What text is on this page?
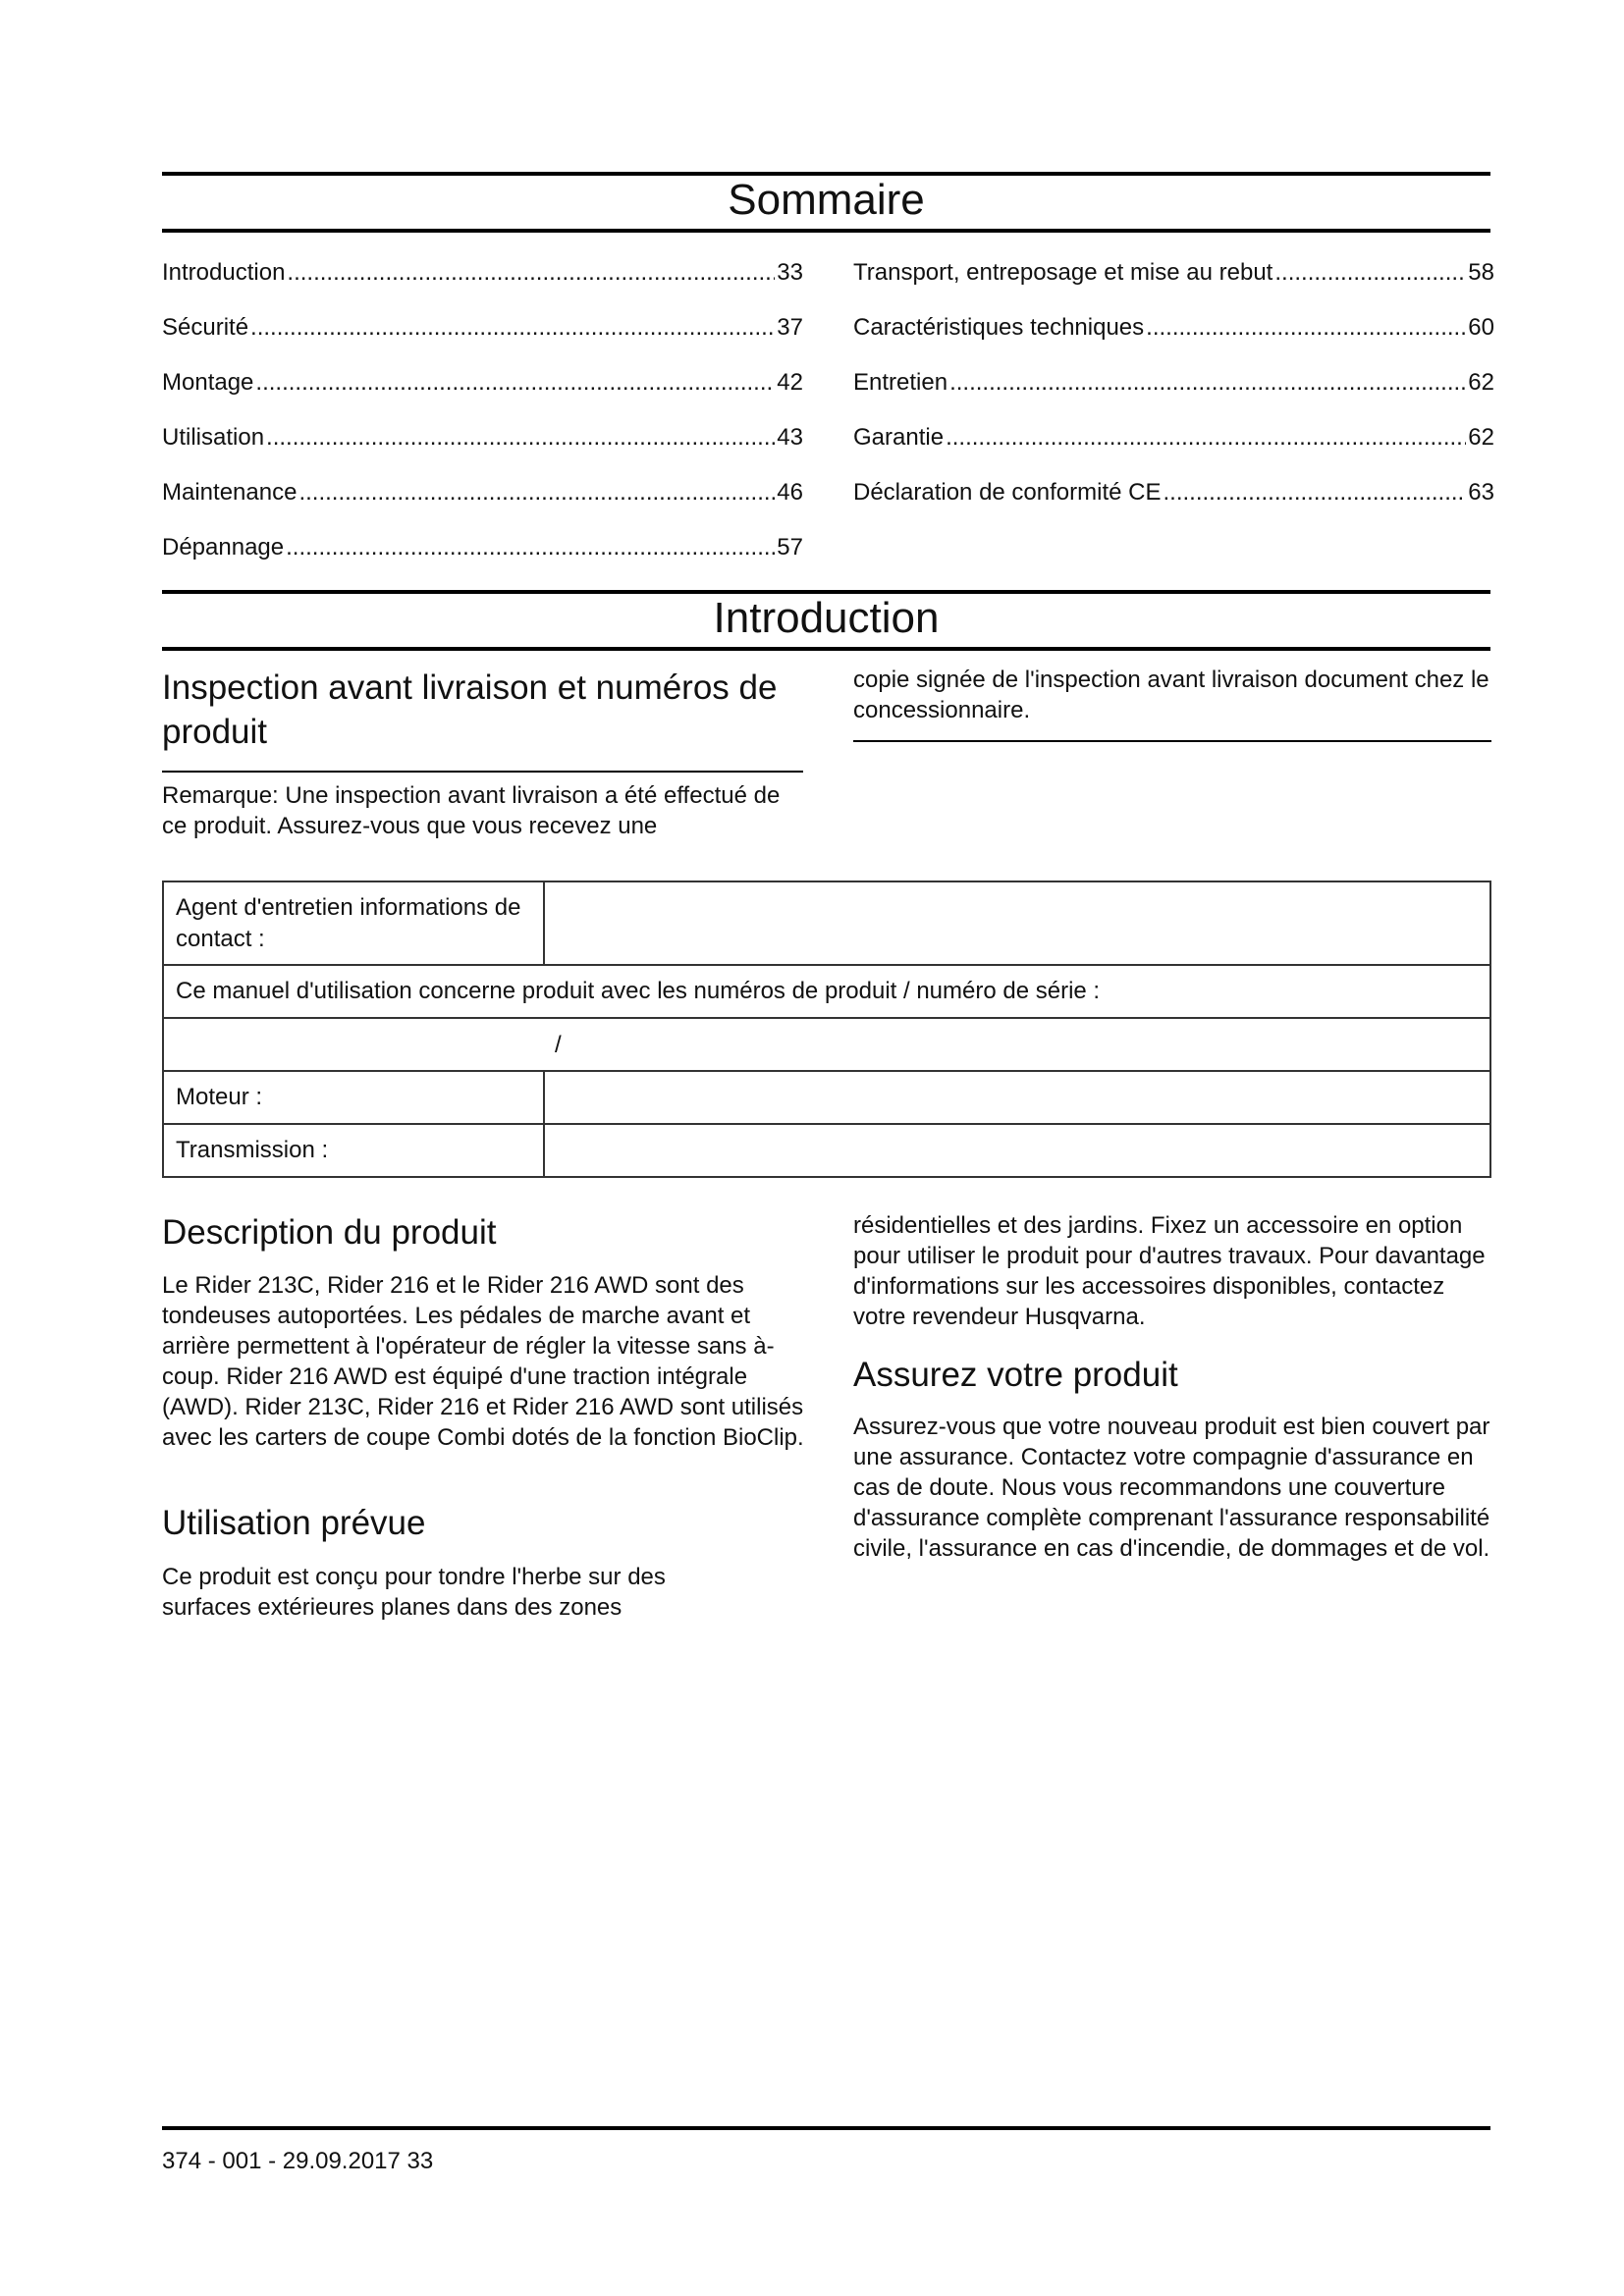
Sommaire
Introduction .....	33
Sécurité .....	37
Montage .....	42
Utilisation .....	43
Maintenance .....	46
Dépannage .....	57
Transport, entreposage et mise au rebut .....	58
Caractéristiques techniques .....	60
Entretien .....	62
Garantie .....	62
Déclaration de conformité CE .....	63
Introduction
Inspection avant livraison et numéros de produit
Remarque: Une inspection avant livraison a été effectué de ce produit. Assurez-vous que vous recevez une
copie signée de l'inspection avant livraison document chez le concessionnaire.
Agent d'entretien informations de contact :	
Ce manuel d'utilisation concerne produit avec les numéros de produit / numéro de série :	

/	

Moteur :	
Transmission :	
Description du produit
Le Rider 213C, Rider 216 et le Rider 216 AWD sont des tondeuses autoportées. Les pédales de marche avant et arrière permettent à l'opérateur de régler la vitesse sans à-coup. Rider 216 AWD est équipé d'une traction intégrale (AWD). Rider 213C, Rider 216 et Rider 216 AWD sont utilisés avec les carters de coupe Combi dotés de la fonction BioClip.
Utilisation prévue
Ce produit est conçu pour tondre l'herbe sur des surfaces extérieures planes dans des zones
résidentielles et des jardins. Fixez un accessoire en option pour utiliser le produit pour d'autres travaux. Pour davantage d'informations sur les accessoires disponibles, contactez votre revendeur Husqvarna.
Assurez votre produit
Assurez-vous que votre nouveau produit est bien couvert par une assurance. Contactez votre compagnie d'assurance en cas de doute. Nous vous recommandons une couverture d'assurance complète comprenant l'assurance responsabilité civile, l'assurance en cas d'incendie, de dommages et de vol.
374 - 001 - 29.09.2017 33
